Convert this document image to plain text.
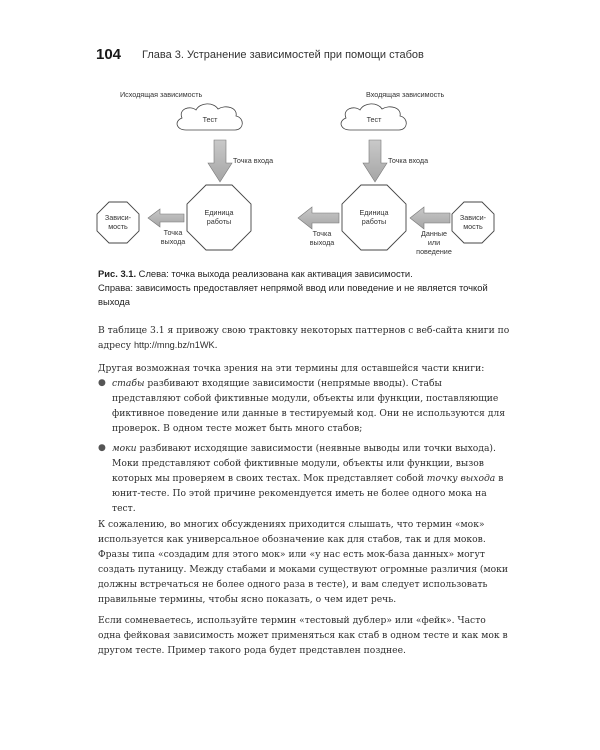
104 Глава 3. Устранение зависимостей при помощи стабов
Исходящая зависимость
Тест
Точка входа
Единица
работы
Точка
выхода
Зависи-
мость
Входящая зависимость
Тест
Точка входа
Единица
работы
Точка
выхода
Данные
или
поведение
Зависи-
мость
Рис. 3.1. Слева: точка выхода реализована как активация зависимости.
Справа: зависимость предоставляет непрямой ввод или поведение и не является точкой выхода
В таблице 3.1 я привожу свою трактовку некоторых паттернов с веб-сайта книги по адресу http://mng.bz/n1WK.
Другая возможная точка зрения на эти термины для оставшейся части книги:
● стабы разбивают входящие зависимости (непрямые вводы). Стабы представляют собой фиктивные модули, объекты или функции, поставляющие фиктивное поведение или данные в тестируемый код. Они не используются для проверок. В одном тесте может быть много стабов;
● моки разбивают исходящие зависимости (неявные выводы или точки выхода). Моки представляют собой фиктивные модули, объекты или функции, вызов которых мы проверяем в своих тестах. Мок представляет собой точку выхода в юнит-тесте. По этой причине рекомендуется иметь не более одного мока на тест.
К сожалению, во многих обсуждениях приходится слышать, что термин «мок» используется как универсальное обозначение как для стабов, так и для моков. Фразы типа «создадим для этого мок» или «у нас есть мок-база данных» могут создать путаницу. Между стабами и моками существуют огромные различия (моки должны встречаться не более одного раза в тесте), и вам следует использовать правильные термины, чтобы ясно показать, о чем идет речь.
Если сомневаетесь, используйте термин «тестовый дублер» или «фейк». Часто одна фейковая зависимость может применяться как стаб в одном тесте и как мок в другом тесте. Пример такого рода будет представлен позднее.
